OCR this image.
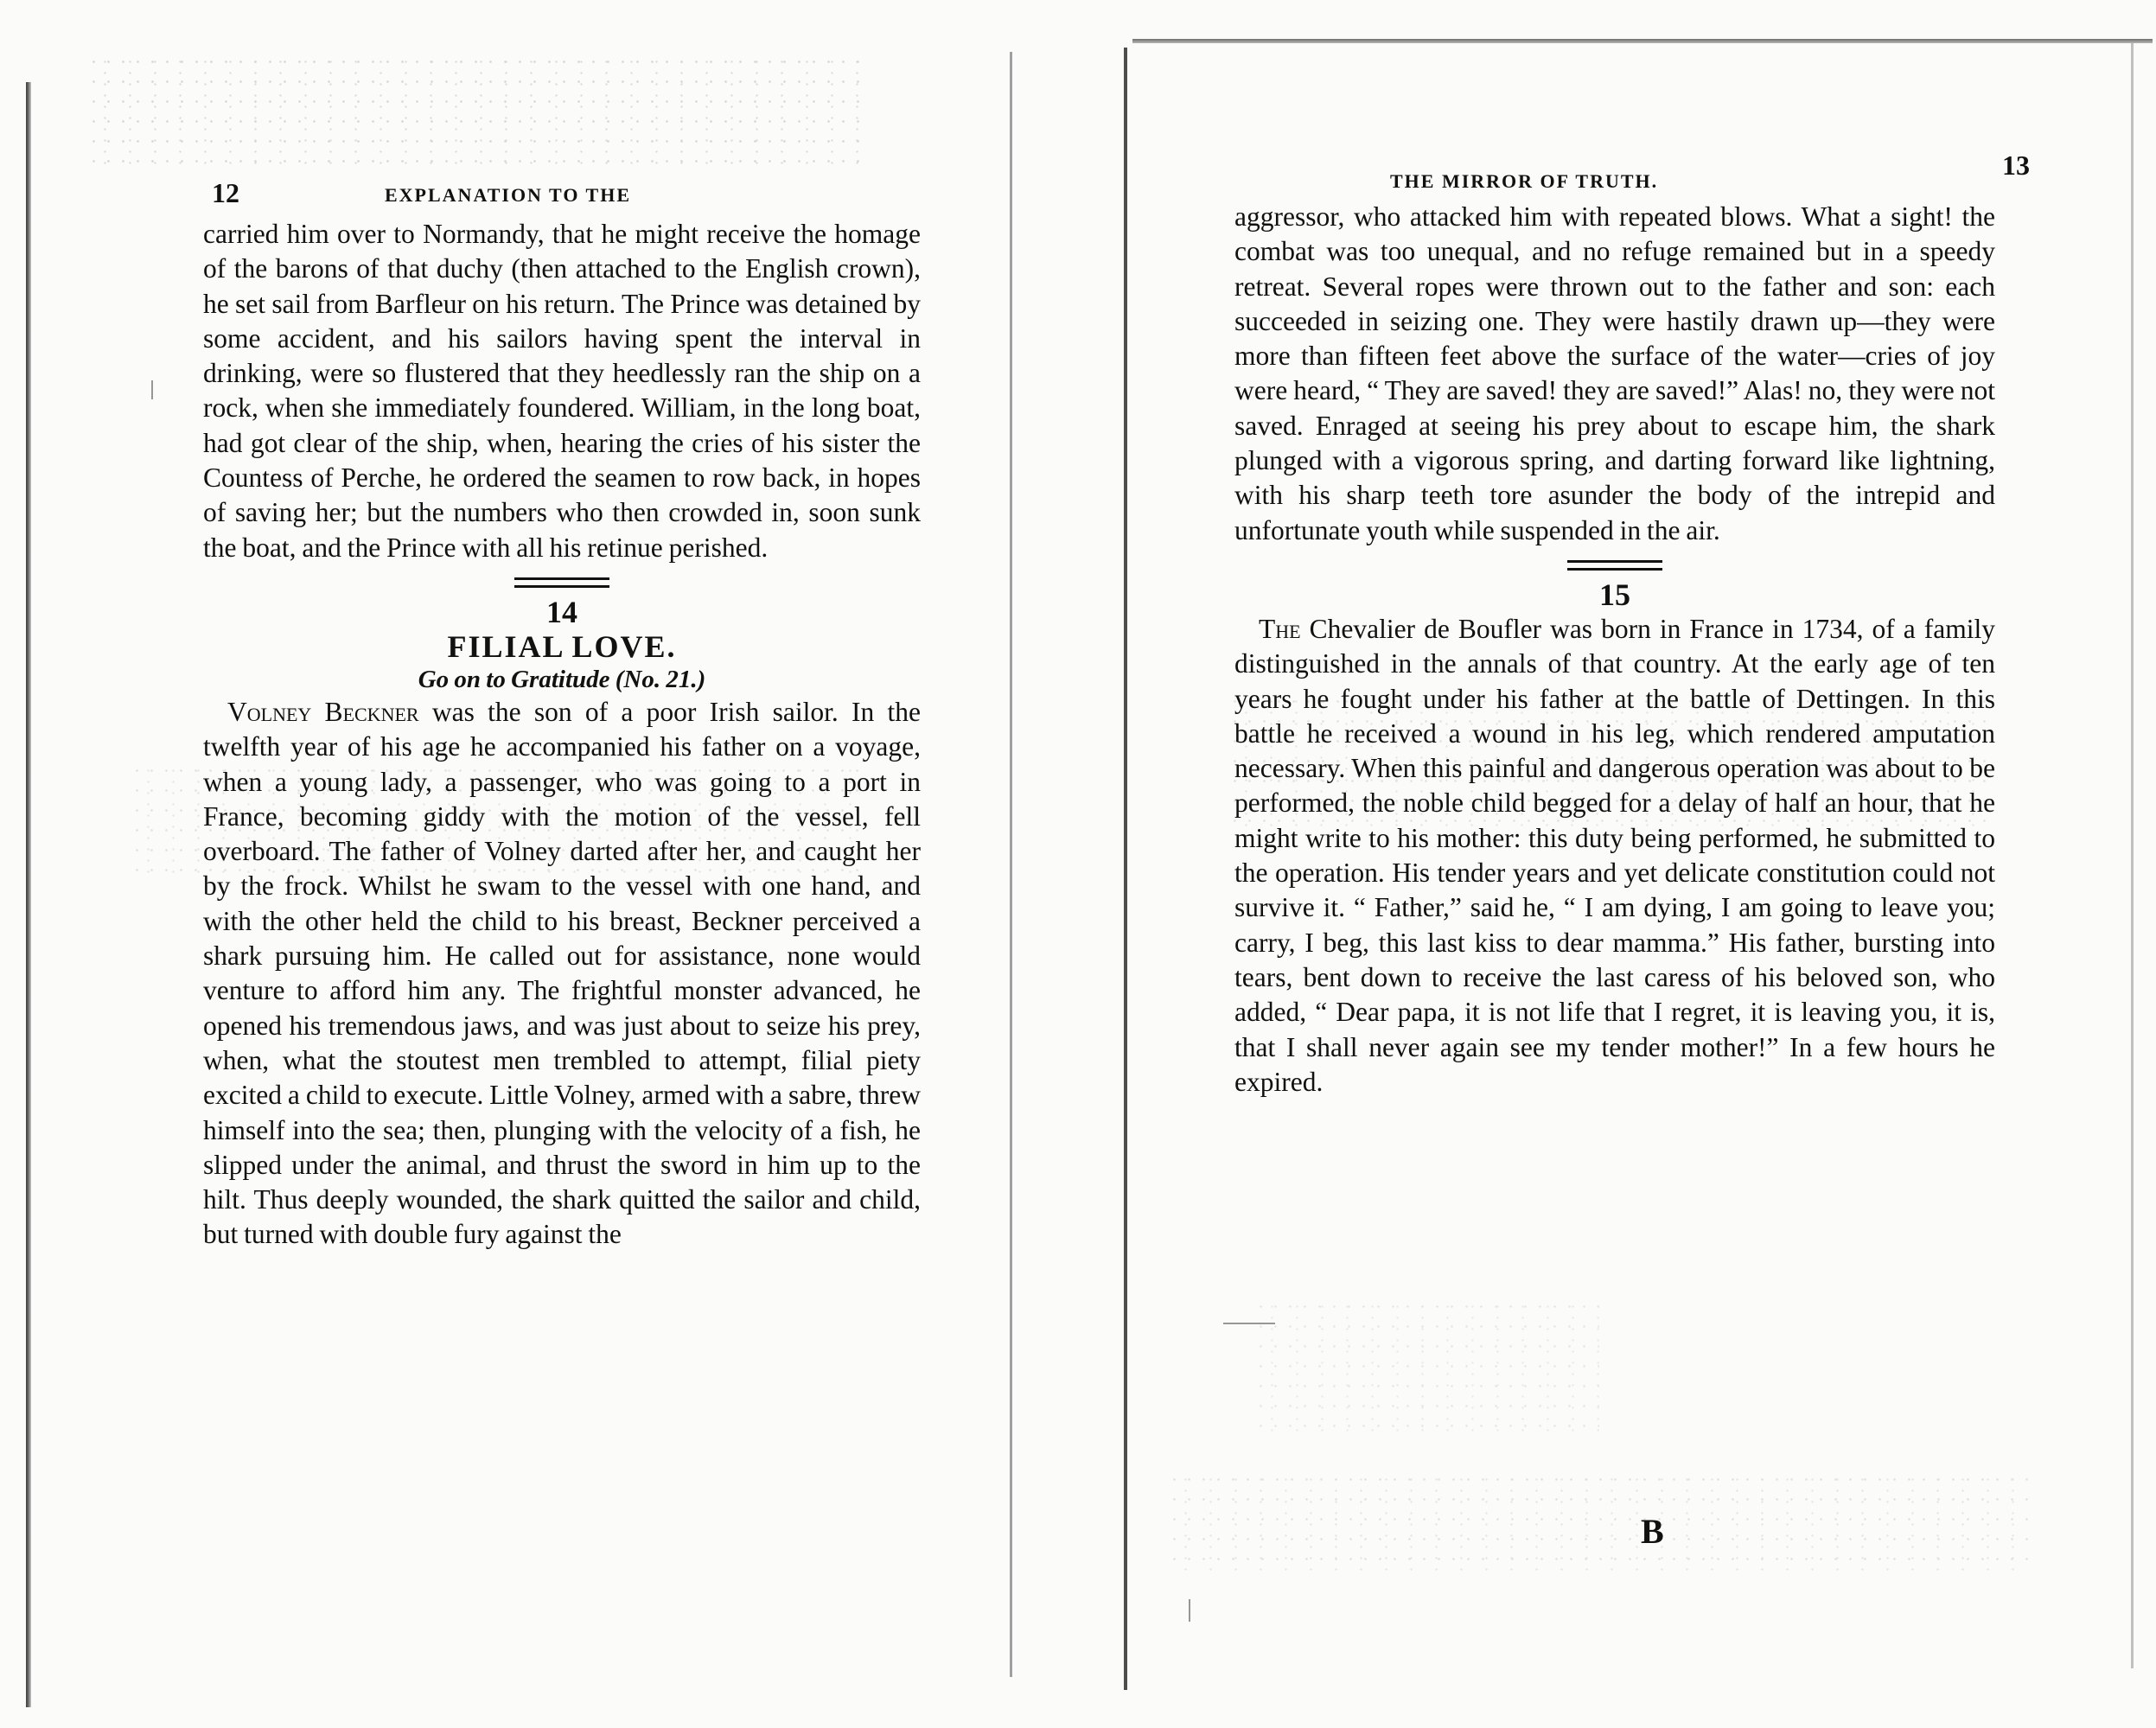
12	EXPLANATION TO THE

carried him over to Normandy, that he might receive the homage of the barons of that duchy (then attached to the English crown), he set sail from Barfleur on his return. The Prince was detained by some accident, and his sailors having spent the interval in drinking, were so flustered that they heedlessly ran the ship on a rock, when she immediately foundered. William, in the long boat, had got clear of the ship, when, hearing the cries of his sister the Countess of Perche, he ordered the seamen to row back, in hopes of saving her; but the numbers who then crowded in, soon sunk the boat, and the Prince with all his retinue perished.

14
FILIAL LOVE.
Go on to Gratitude (No. 21.)

Volney Beckner was the son of a poor Irish sailor. In the twelfth year of his age he accompanied his father on a voyage, when a young lady, a passenger, who was going to a port in France, becoming giddy with the motion of the vessel, fell overboard. The father of Volney darted after her, and caught her by the frock. Whilst he swam to the vessel with one hand, and with the other held the child to his breast, Beckner perceived a shark pursuing him. He called out for assistance, none would venture to afford him any. The frightful monster advanced, he opened his tremendous jaws, and was just about to seize his prey, when, what the stoutest men trembled to attempt, filial piety excited a child to execute. Little Volney, armed with a sabre, threw himself into the sea; then, plunging with the velocity of a fish, he slipped under the animal, and thrust the sword in him up to the hilt. Thus deeply wounded, the shark quitted the sailor and child, but turned with double fury against the

THE MIRROR OF TRUTH.
13

aggressor, who attacked him with repeated blows. What a sight! the combat was too unequal, and no refuge remained but in a speedy retreat. Several ropes were thrown out to the father and son: each succeeded in seizing one. They were hastily drawn up—they were more than fifteen feet above the surface of the water—cries of joy were heard, “ They are saved! they are saved!” Alas! no, they were not saved. Enraged at seeing his prey about to escape him, the shark plunged with a vigorous spring, and darting forward like lightning, with his sharp teeth tore asunder the body of the intrepid and unfortunate youth while suspended in the air.

15

The Chevalier de Boufler was born in France in 1734, of a family distinguished in the annals of that country. At the early age of ten years he fought under his father at the battle of Dettingen. In this battle he received a wound in his leg, which rendered amputation necessary. When this painful and dangerous operation was about to be performed, the noble child begged for a delay of half an hour, that he might write to his mother: this duty being performed, he submitted to the operation. His tender years and yet delicate constitution could not survive it. “ Father,” said he, “ I am dying, I am going to leave you; carry, I beg, this last kiss to dear mamma.” His father, bursting into tears, bent down to receive the last caress of his beloved son, who added, “ Dear papa, it is not life that I regret, it is leaving you, it is, that I shall never again see my tender mother!” In a few hours he expired.

B
